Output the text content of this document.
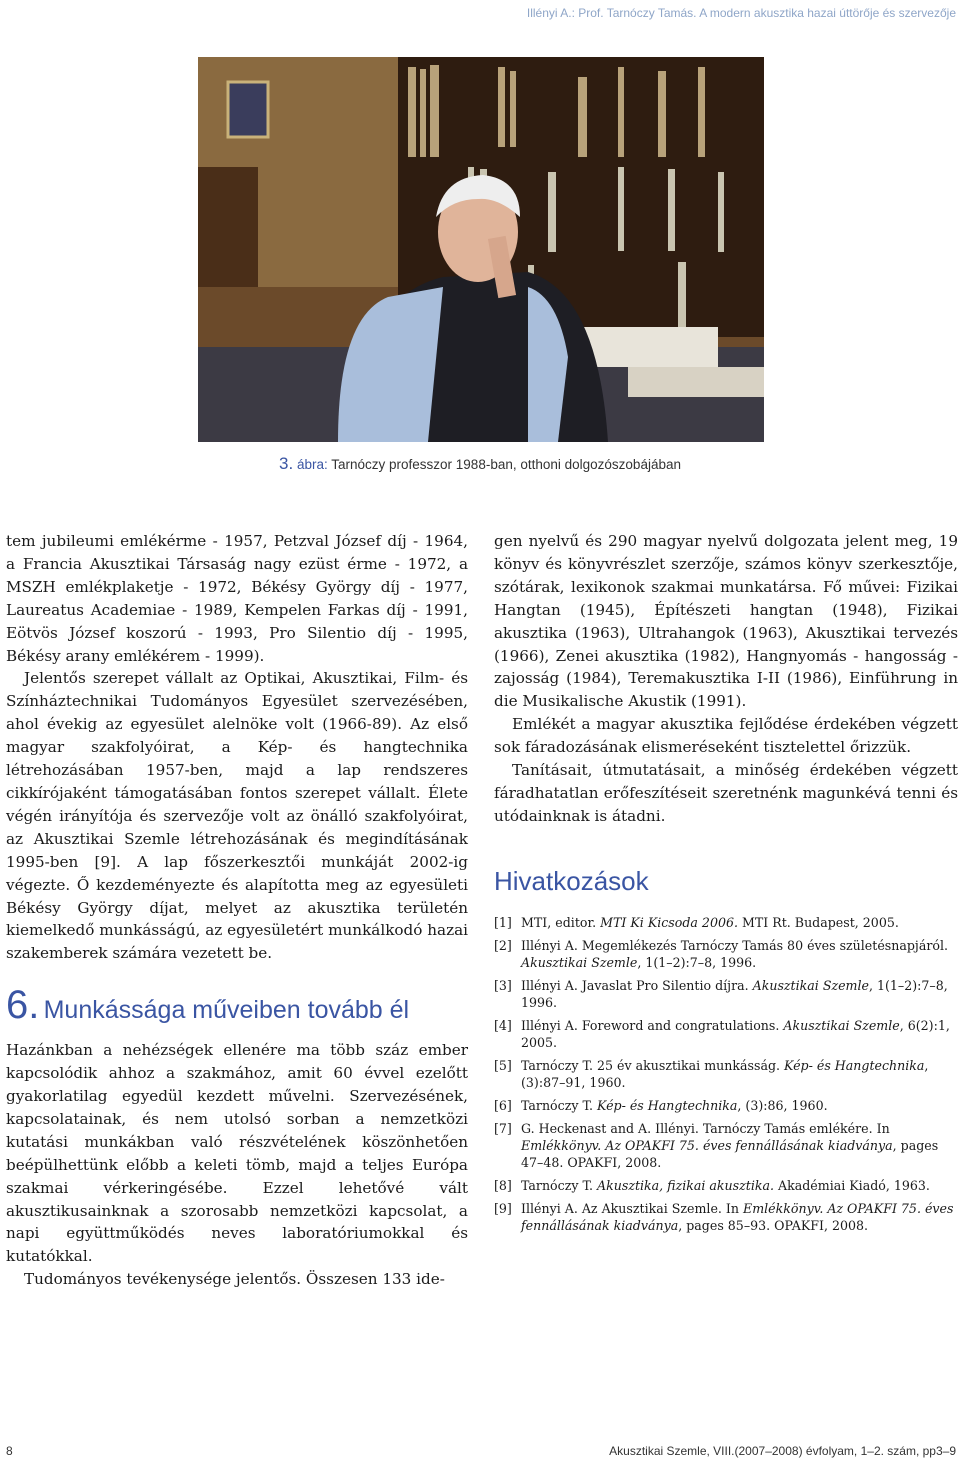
Illényi A.: Prof. Tarnóczy Tamás. A modern akusztika hazai úttörője és szervezője
3. ábra: Tarnóczy professzor 1988-ban, otthoni dolgozószobájában

tem jubileumi emlékérme - 1957, Petzval József díj - 1964, a Francia Akusztikai Társaság nagy ezüst érme - 1972, a MSZH emlékplaketje - 1972, Békésy György díj - 1977, Laureatus Academiae - 1989, Kempelen Farkas díj - 1991, Eötvös József koszorú - 1993, Pro Silentio díj - 1995, Békésy arany emlékérem - 1999).

Jelentős szerepet vállalt az Optikai, Akusztikai, Film- és Színháztechnikai Tudományos Egyesület szervezésében, ahol évekig az egyesület alelnöke volt (1966-89). Az első magyar szakfolyóirat, a Kép- és hangtechnika létrehozásában 1957-ben, majd a lap rendszeres cikkírójaként támogatásában fontos szerepet vállalt. Élete végén irányítója és szervezője volt az önálló szakfolyóirat, az Akusztikai Szemle létrehozásának és megindításának 1995-ben [9]. A lap főszerkesztői munkáját 2002-ig végezte. Ő kezdeményezte és alapította meg az egyesületi Békésy György díjat, melyet az akusztika területén kiemelkedő munkásságú, az egyesületért munkálkodó hazai szakemberek számára vezetett be.

6. Munkássága műveiben tovább él

Hazánkban a nehézségek ellenére ma több száz ember kapcsolódik ahhoz a szakmához, amit 60 évvel ezelőtt gyakorlatilag egyedül kezdett művelni. Szervezésének, kapcsolatainak, és nem utolsó sorban a nemzetközi kutatási munkákban való részvételének köszönhetően beépülhettünk előbb a keleti tömb, majd a teljes Európa szakmai vérkeringésébe. Ezzel lehetővé vált akusztikusainknak a szorosabb nemzetközi kapcsolat, a napi együttműködés neves laboratóriumokkal és kutatókkal.

Tudományos tevékenysége jelentős. Összesen 133 ide-

gen nyelvű és 290 magyar nyelvű dolgozata jelent meg, 19 könyv és könyvrészlet szerzője, számos könyv szerkesztője, szótárak, lexikonok szakmai munkatársa. Fő művei: Fizikai Hangtan (1945), Építészeti hangtan (1948), Fizikai akusztika (1963), Ultrahangok (1963), Akusztikai tervezés (1966), Zenei akusztika (1982), Hangnyomás - hangosság - zajosság (1984), Teremakusztika I-II (1986), Einführung in die Musikalische Akustik (1991).

Emlékét a magyar akusztika fejlődése érdekében végzett sok fáradozásának elismeréseként tisztelettel őrizzük.

Tanításait, útmutatásait, a minőség érdekében végzett fáradhatatlan erőfeszítéseit szeretnénk magunkévá tenni és utódainknak is átadni.

Hivatkozások
[1] MTI, editor. MTI Ki Kicsoda 2006. MTI Rt. Budapest, 2005.
[2] Illényi A. Megemlékezés Tarnóczy Tamás 80 éves születésnapjáról. Akusztikai Szemle, 1(1–2):7–8, 1996.
[3] Illényi A. Javaslat Pro Silentio díjra. Akusztikai Szemle, 1(1–2):7–8, 1996.
[4] Illényi A. Foreword and congratulations. Akusztikai Szemle, 6(2):1, 2005.
[5] Tarnóczy T. 25 év akusztikai munkásság. Kép- és Hangtechnika, (3):87–91, 1960.
[6] Tarnóczy T. Kép- és Hangtechnika, (3):86, 1960.
[7] G. Heckenast and A. Illényi. Tarnóczy Tamás emlékére. In Emlékkönyv. Az OPAKFI 75. éves fennállásának kiadványa, pages 47–48. OPAKFI, 2008.
[8] Tarnóczy T. Akusztika, fizikai akusztika. Akadémiai Kiadó, 1963.
[9] Illényi A. Az Akusztikai Szemle. In Emlékkönyv. Az OPAKFI 75. éves fennállásának kiadványa, pages 85–93. OPAKFI, 2008.
8	Akusztikai Szemle, VIII.(2007–2008) évfolyam, 1–2. szám, pp3–9
